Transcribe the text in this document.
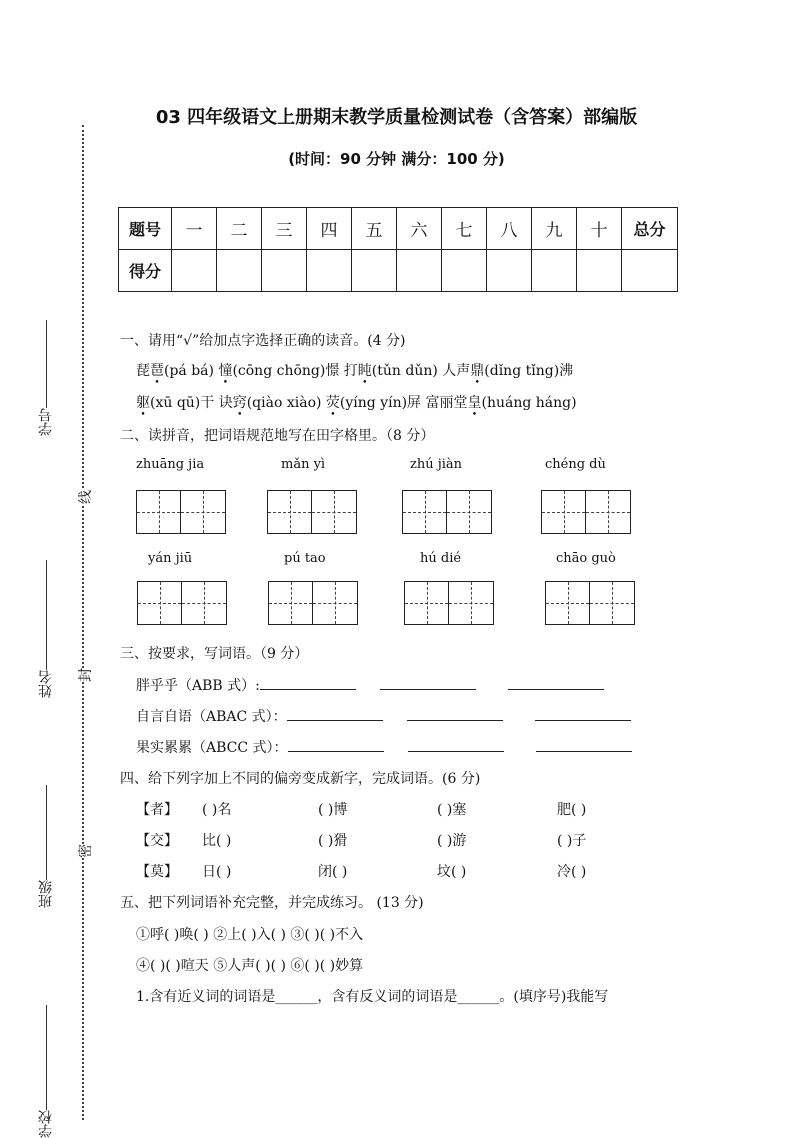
学号
姓名
班级
学校
线
封
密
03 四年级语文上册期末教学质量检测试卷（含答案）部编版
(时间：90 分钟 满分：100 分)
题号	一	二	三	四	五	六	七	八	九	十	总分
得分											
一、请用“√”给加点字选择正确的读音。(4 分)
琵琶(pá bá) 憧(cōng chōng)憬 打盹(tǔn dǔn) 人声鼎(dǐng tǐng)沸
躯(xū qū)干 诀窍(qiào xiào) 荧(yíng yín)屏 富丽堂皇(huáng háng)
二、读拼音，把词语规范地写在田字格里。（8 分）
zhuāng jia	mǎn yì	zhú jiàn	chéng dù
yán jiū	pú tao	hú dié	chāo guò
三、按要求，写词语。（9 分）
胖乎乎（ABB 式）:
自言自语（ABAC 式）：
果实累累（ABCC 式）：
四、给下列字加上不同的偏旁变成新字，完成词语。(6 分)
【者】 ( )名	( )博	( )塞	肥( )
【交】 比( )	( )猾	( )游	( )子
【莫】 日( )	闭( )	坟( )	冷( )
五、把下列词语补充完整，并完成练习。 (13 分)
①呼( )唤( ) ②上( )入( ) ③( )( )不入
④( )( )喧天 ⑤人声( )( ) ⑥( )( )妙算
1.含有近义词的词语是______，含有反义词的词语是______。(填序号)我能写
